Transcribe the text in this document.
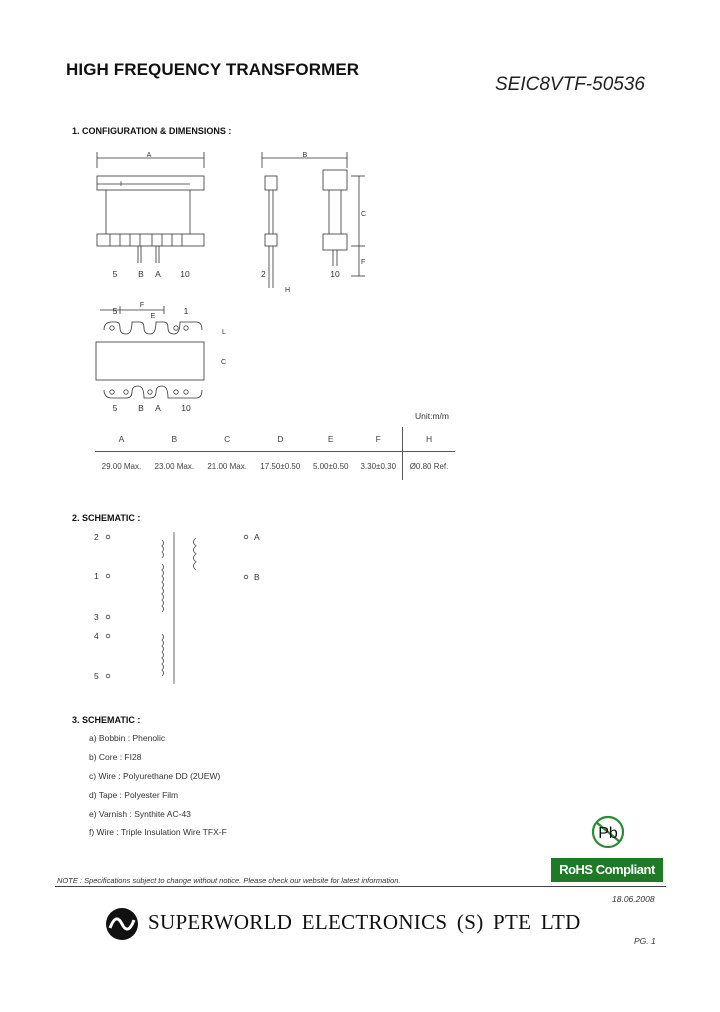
HIGH FREQUENCY TRANSFORMER
SEIC8VTF-50536
1. CONFIGURATION & DIMENSIONS :
A
I
5 B A 10
B
C
F
2	10
H
5	1
F
E
L
C
5 B A 10
Unit:m/m
A	B	C	D	E	F	H
29.00 Max.	23.00 Max.	21.00 Max.	17.50±0.50	5.00±0.50	3.30±0.30	Ø0.80 Ref.
2. SCHEMATIC :
2
1
3
4
5
A
B
3. SCHEMATIC :
a) Bobbin : Phenolic
b) Core : FI28
c) Wire : Polyurethane DD (2UEW)
d) Tape : Polyester Film
e) Varnish : Synthite AC-43
f) Wire : Triple Insulation Wire TFX-F	Pb
RoHS Compliant
NOTE : Specifications subject to change without notice. Please check our website for latest information.
18.06.2008
SUPERWORLD ELECTRONICS (S) PTE LTD
PG. 1
